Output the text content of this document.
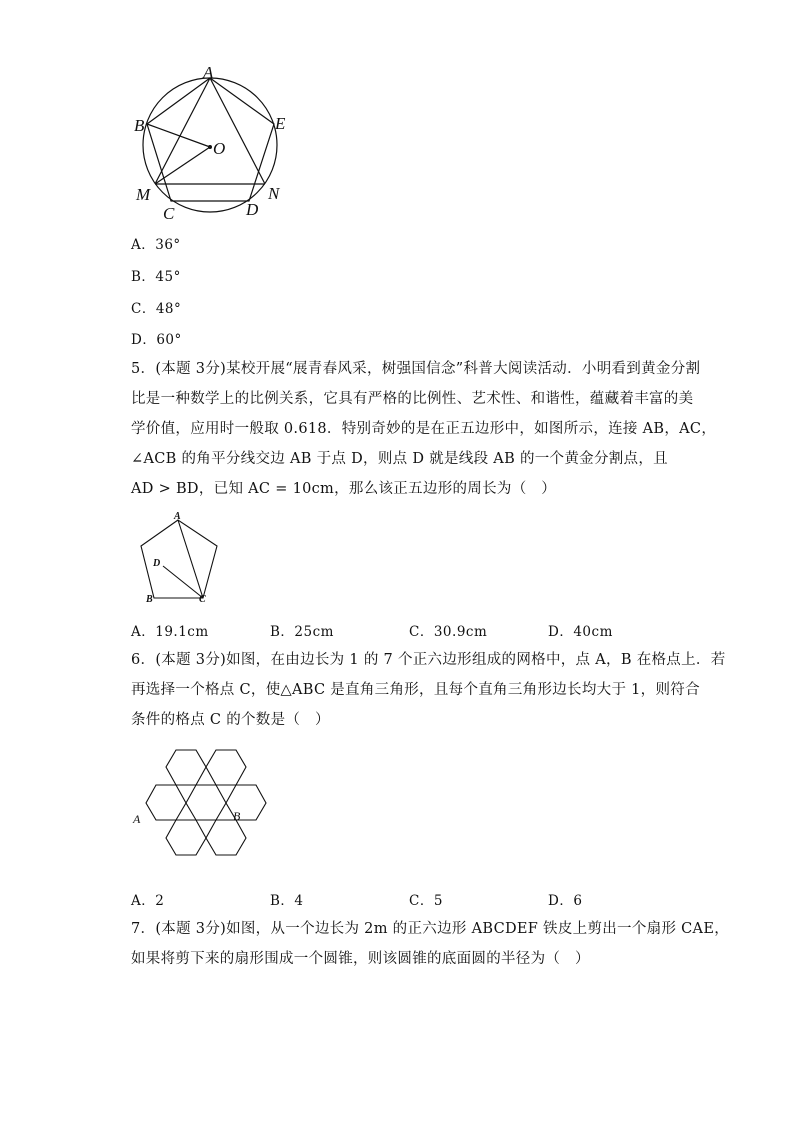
A
B	E
O
M	N
C	D
A．36°
B．45°
C．48°
D．60°
5．(本题 3分)某校开展“展青春风采，树强国信念”科普大阅读活动．小明看到黄金分割
比是一种数学上的比例关系，它具有严格的比例性、艺术性、和谐性，蕴藏着丰富的美
学价值，应用时一般取 0.618．特别奇妙的是在正五边形中，如图所示，连接 AB，AC，
∠ACB 的角平分线交边 AB 于点 D，则点 D 就是线段 AB 的一个黄金分割点，且
AD > BD，已知 AC = 10cm，那么该正五边形的周长为（　）
A
D
B	C
A．19.1cm	B．25cm	C．30.9cm	D．40cm
6．(本题 3分)如图，在由边长为 1 的 7 个正六边形组成的网格中，点 A，B 在格点上．若
再选择一个格点 C，使△ABC 是直角三角形，且每个直角三角形边长均大于 1，则符合
条件的格点 C 的个数是（　）
A	B
A．2	B．4	C．5	D．6
7．(本题 3分)如图，从一个边长为 2m 的正六边形 ABCDEF 铁皮上剪出一个扇形 CAE，
如果将剪下来的扇形围成一个圆锥，则该圆锥的底面圆的半径为（　）
